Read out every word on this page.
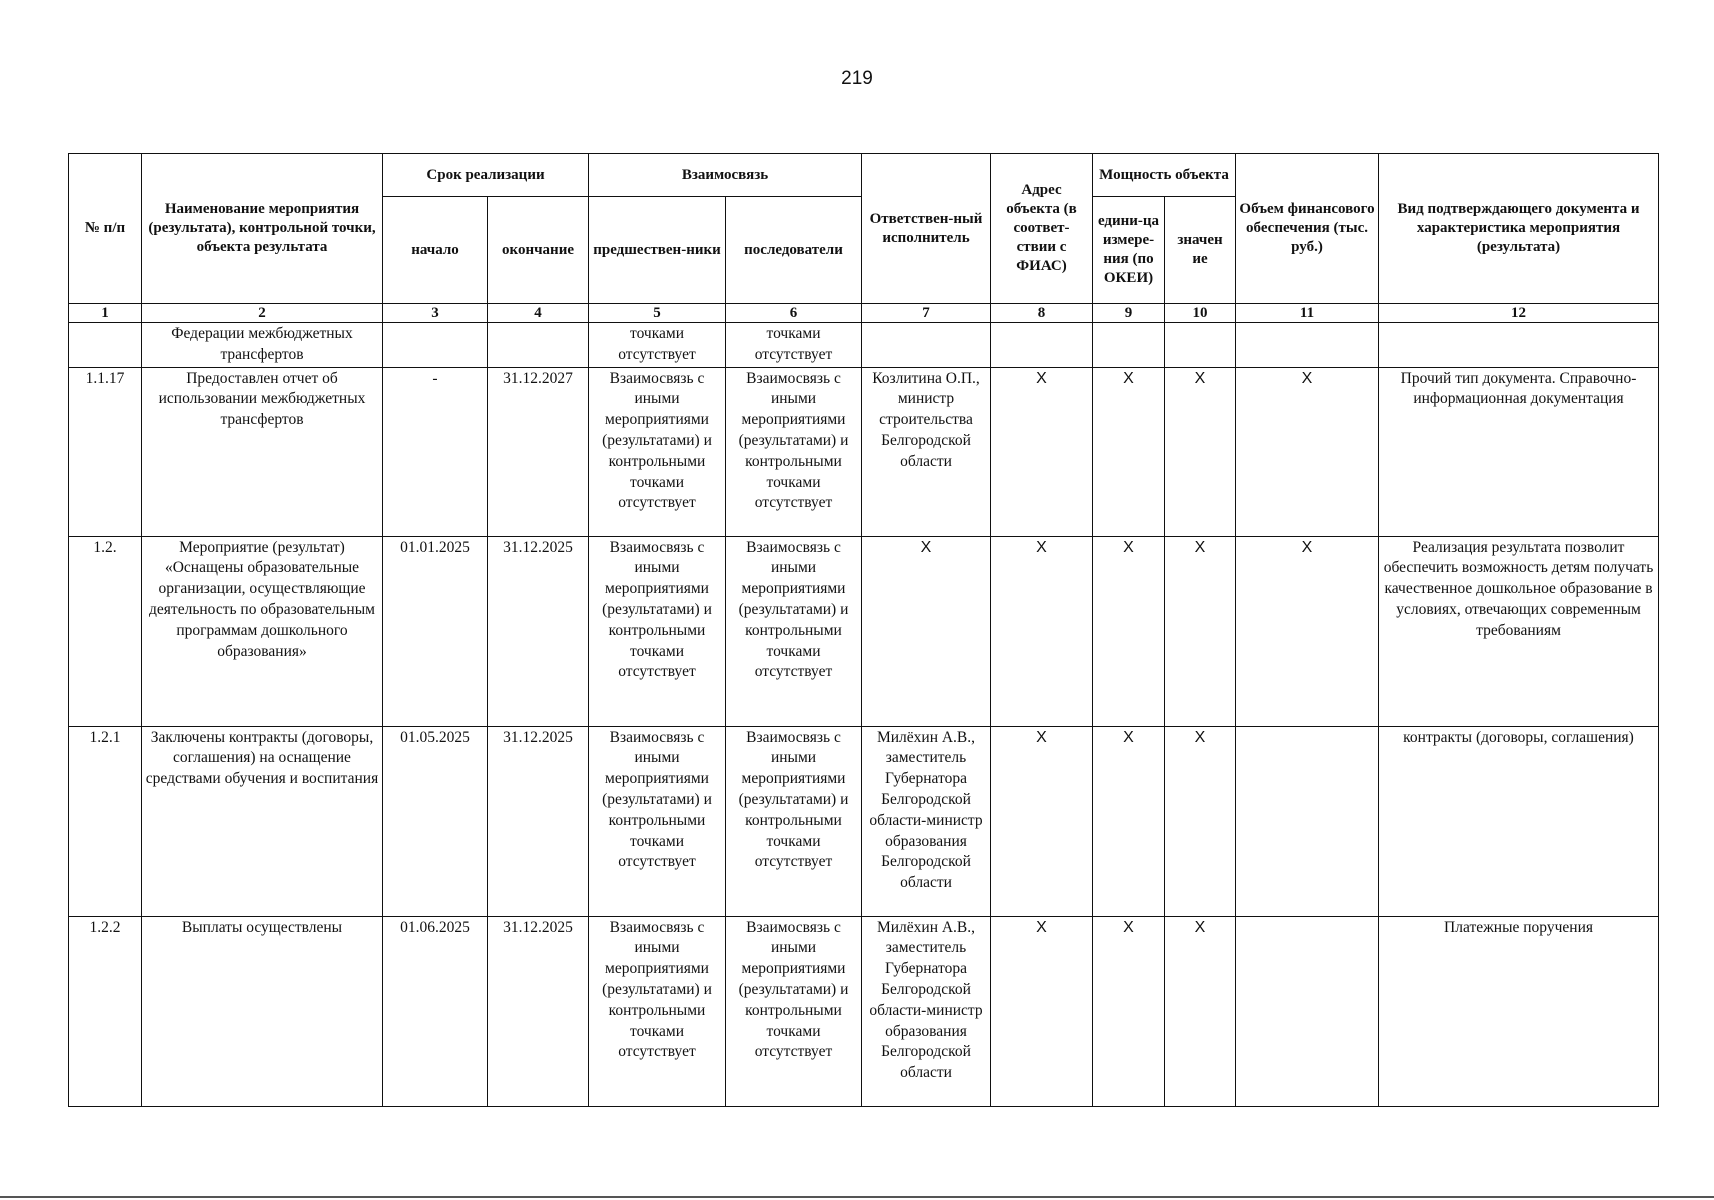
219
№ п/п	Наименование мероприятия (результата), контрольной точки, объекта результата	Срок реализации		Взаимосвязь		Ответствен-ный исполнитель	Адрес объекта (в соответ-ствии с ФИАС)	Мощность объекта		Объем финансового обеспечения (тыс. руб.)	Вид подтверждающего документа и характеристика мероприятия (результата)
		начало	окончание	предшествен-ники	последователи			едини-ца измере-ния (по ОКЕИ)	значен ие		
1	2	3	4	5	6	7	8	9	10	11	12
	Федерации межбюджетных трансфертов			точками отсутствует	точками отсутствует						
1.1.17	Предоставлен отчет об использовании межбюджетных трансфертов	-	31.12.2027	Взаимосвязь с иными мероприятиями (результатами) и контрольными точками отсутствует	Взаимосвязь с иными мероприятиями (результатами) и контрольными точками отсутствует	Козлитина О.П., министр строительства Белгородской области	X	X	X	X	Прочий тип документа. Справочно-информационная документация
1.2.	Мероприятие (результат) «Оснащены образовательные организации, осуществляющие деятельность по образовательным программам дошкольного образования»	01.01.2025	31.12.2025	Взаимосвязь с иными мероприятиями (результатами) и контрольными точками отсутствует	Взаимосвязь с иными мероприятиями (результатами) и контрольными точками отсутствует	X	X	X	X	X	Реализация результата позволит обеспечить возможность детям получать качественное дошкольное образование в условиях, отвечающих современным требованиям
1.2.1	Заключены контракты (договоры, соглашения) на оснащение средствами обучения и воспитания	01.05.2025	31.12.2025	Взаимосвязь с иными мероприятиями (результатами) и контрольными точками отсутствует	Взаимосвязь с иными мероприятиями (результатами) и контрольными точками отсутствует	Милёхин А.В., заместитель Губернатора Белгородской области-министр образования Белгородской области	X	X	X		контракты (договоры, соглашения)
1.2.2	Выплаты осуществлены	01.06.2025	31.12.2025	Взаимосвязь с иными мероприятиями (результатами) и контрольными точками отсутствует	Взаимосвязь с иными мероприятиями (результатами) и контрольными точками отсутствует	Милёхин А.В., заместитель Губернатора Белгородской области-министр образования Белгородской области	X	X	X		Платежные поручения
